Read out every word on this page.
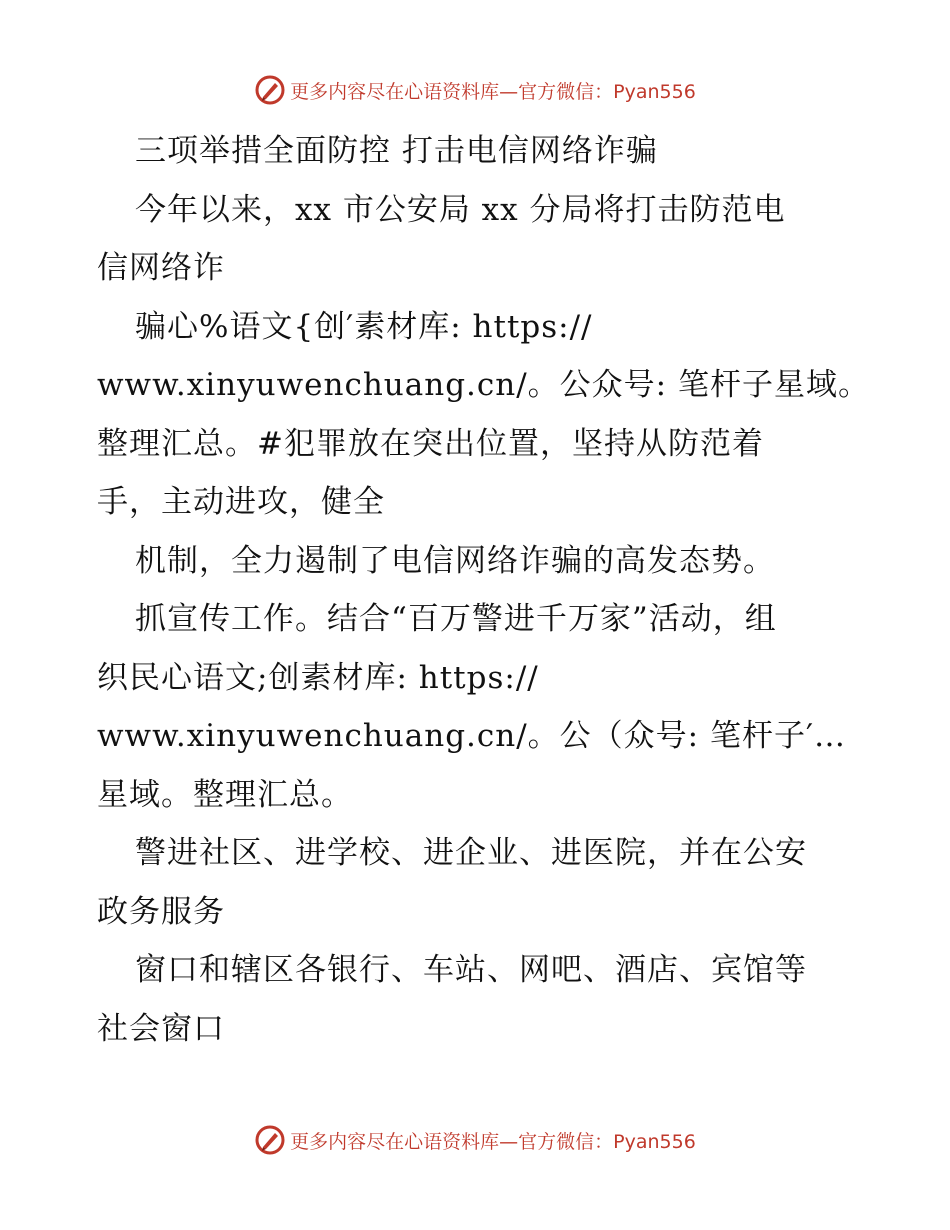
更多内容尽在心语资料库—官方微信：Pyan556
三项举措全面防控 打击电信网络诈骗
今年以来，xx 市公安局 xx 分局将打击防范电
信网络诈
骗心%语文{创′素材库: https://
www.xinyuwenchuang.cn/。公众号: 笔杆子星域。
整理汇总。#犯罪放在突出位置，坚持从防范着
手，主动进攻，健全
机制，全力遏制了电信网络诈骗的高发态势。
抓宣传工作。结合“百万警进千万家”活动，组
织民心语文;创素材库: https://
www.xinyuwenchuang.cn/。公（众号: 笔杆子′…
星域。整理汇总。
警进社区、进学校、进企业、进医院，并在公安
政务服务
窗口和辖区各银行、车站、网吧、酒店、宾馆等
社会窗口
更多内容尽在心语资料库—官方微信：Pyan556
